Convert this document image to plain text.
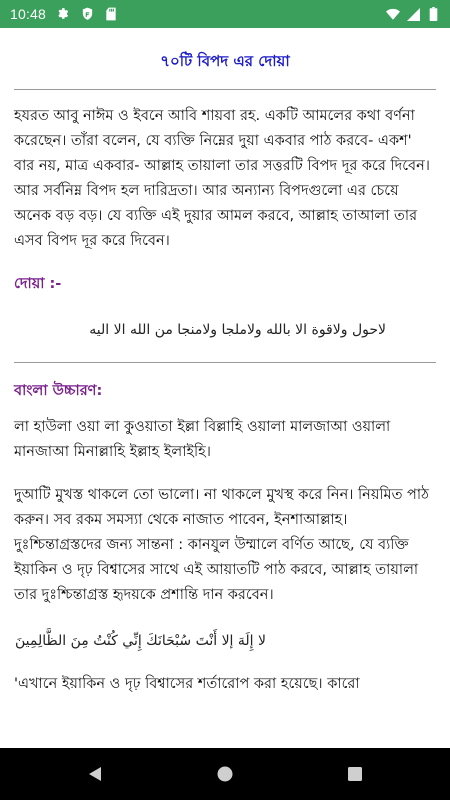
10:48
৭০টি বিপদ এর দোয়া

হযরত আবু নাঈম ও ইবনে আবি শায়বা রহ. একটি আমলের কথা বর্ণনা করেছেন। তাঁরা বলেন, যে ব্যক্তি নিম্নের দুয়া একবার পাঠ করবে- একশ' বার নয়, মাত্র একবার- আল্লাহ তায়ালা তার সত্তরটি বিপদ দূর করে দিবেন। আর সর্বনিম্ন বিপদ হল দারিদ্রতা। আর অন্যান্য বিপদগুলো এর চেয়ে অনেক বড় বড়। যে ব্যক্তি এই দুয়ার আমল করবে, আল্লাহ তাআলা তার এসব বিপদ দূর করে দিবেন।

দোয়া :-

لاحول ولاقوة الا بالله ولاملجا ولامنجا من الله الا اليه

বাংলা উচ্চারণ:

লা হাউলা ওয়া লা কুওয়াতা ইল্লা বিল্লাহি ওয়ালা মালজাআ ওয়ালা মানজাআ মিনাল্লাহি ইল্লাহ ইলাইহি।

দুআটি মুখস্ত থাকলে তো ভালো। না থাকলে মুখস্থ করে নিন। নিয়মিত পাঠ করুন। সব রকম সমস্যা থেকে নাজাত পাবেন, ইনশাআল্লাহ। দুঃশ্চিন্তাগ্রস্তদের জন্য সান্তনা : কানযুল উম্মালে বর্ণিত আছে, যে ব্যক্তি ইয়াকিন ও দৃঢ় বিশ্বাসের সাথে এই আয়াতটি পাঠ করবে, আল্লাহ তায়ালা তার দুঃশ্চিন্তাগ্রস্ত হৃদয়কে প্রশান্তি দান করবেন।

لا إِلَهَ إلا أَنْتَ سُبْحَانَكَ إِنِّي كُنْتُ مِنَ الظَّالِمِينَ

'এখানে ইয়াকিন ও দৃঢ় বিশ্বাসের শর্তারোপ করা হয়েছে। কারো
